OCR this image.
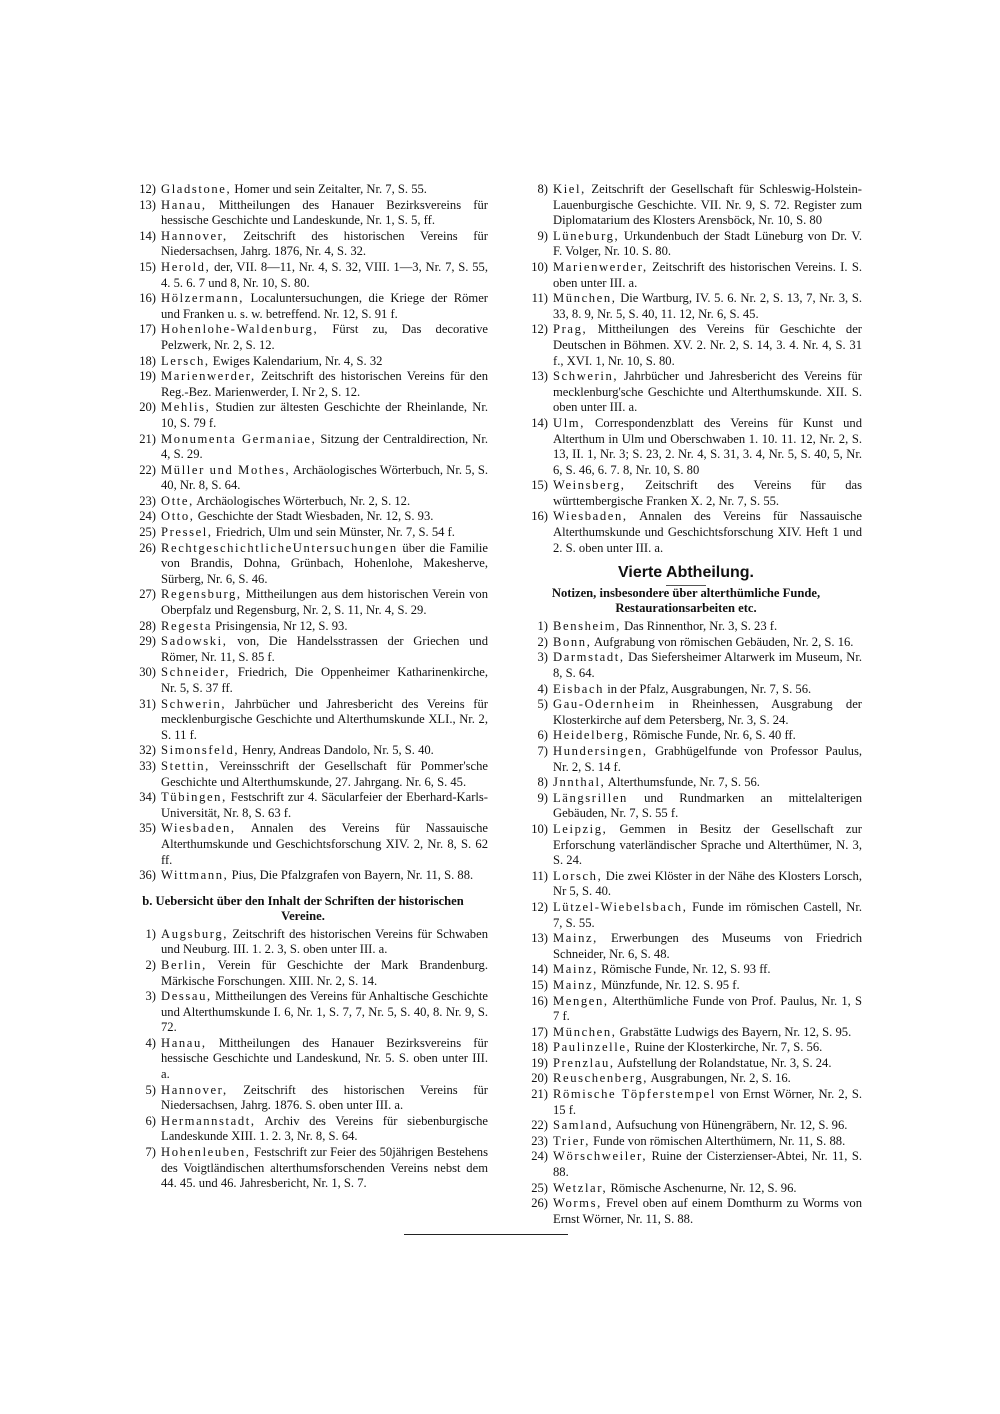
12) Gladstone, Homer und sein Zeitalter, Nr. 7, S. 55.
13) Hanau, Mittheilungen des Hanauer Bezirksvereins für hessische Geschichte und Landeskunde, Nr. 1, S. 5, ff.
14) Hannover, Zeitschrift des historischen Vereins für Niedersachsen, Jahrg. 1876, Nr. 4, S. 32.
15) Herold, der, VII. 8—11, Nr. 4, S. 32, VIII. 1—3, Nr. 7, S. 55, 4. 5. 6. 7 und 8, Nr. 10, S. 80.
16) Hölzermann, Localuntersuchungen, die Kriege der Römer und Franken u. s. w. betreffend. Nr. 12, S. 91 f.
17) Hohenlohe-Waldenburg, Fürst zu, Das decorative Pelzwerk, Nr. 2, S. 12.
18) Lersch, Ewiges Kalendarium, Nr. 4, S. 32
19) Marienwerder, Zeitschrift des historischen Vereins für den Reg.-Bez. Marienwerder, I. Nr 2, S. 12.
20) Mehlis, Studien zur ältesten Geschichte der Rheinlande, Nr. 10, S. 79 f.
21) Monumenta Germaniae, Sitzung der Centraldirection, Nr. 4, S. 29.
22) Müller und Mothes, Archäologisches Wörterbuch, Nr. 5, S. 40, Nr. 8, S. 64.
23) Otte, Archäologisches Wörterbuch, Nr. 2, S. 12.
24) Otto, Geschichte der Stadt Wiesbaden, Nr. 12, S. 93.
25) Pressel, Friedrich, Ulm und sein Münster, Nr. 7, S. 54 f.
26) RechtgeschichtlicheUntersuchungen über die Familie von Brandis, Dohna, Grünbach, Hohenlohe, Makesherve, Sürberg, Nr. 6, S. 46.
27) Regensburg, Mittheilungen aus dem historischen Verein von Oberpfalz und Regensburg, Nr. 2, S. 11, Nr. 4, S. 29.
28) Regesta Prisingensia, Nr 12, S. 93.
29) Sadowski, von, Die Handelsstrassen der Griechen und Römer, Nr. 11, S. 85 f.
30) Schneider, Friedrich, Die Oppenheimer Katharinenkirche, Nr. 5, S. 37 ff.
31) Schwerin, Jahrbücher und Jahresbericht des Vereins für mecklenburgische Geschichte und Alterthumskunde XLI., Nr. 2, S. 11 f.
32) Simonsfeld, Henry, Andreas Dandolo, Nr. 5, S. 40.
33) Stettin, Vereinsschrift der Gesellschaft für Pommer'sche Geschichte und Alterthumskunde, 27. Jahrgang. Nr. 6, S. 45.
34) Tübingen, Festschrift zur 4. Säcularfeier der Eberhard-Karls-Universität, Nr. 8, S. 63 f.
35) Wiesbaden, Annalen des Vereins für Nassauische Alterthumskunde und Geschichtsforschung XIV. 2, Nr. 8, S. 62 ff.
36) Wittmann, Pius, Die Pfalzgrafen von Bayern, Nr. 11, S. 88.
b. Uebersicht über den Inhalt der Schriften der historischen Vereine.
1) Augsburg, Zeitschrift des historischen Vereins für Schwaben und Neuburg. III. 1. 2. 3, S. oben unter III. a.
2) Berlin, Verein für Geschichte der Mark Brandenburg. Märkische Forschungen. XIII. Nr. 2, S. 14.
3) Dessau, Mittheilungen des Vereins für Anhaltische Geschichte und Alterthumskunde I. 6, Nr. 1, S. 7, 7, Nr. 5, S. 40, 8. Nr. 9, S. 72.
4) Hanau, Mittheilungen des Hanauer Bezirksvereins für hessische Geschichte und Landeskund, Nr. 5. S. oben unter III. a.
5) Hannover, Zeitschrift des historischen Vereins für Niedersachsen, Jahrg. 1876. S. oben unter III. a.
6) Hermannstadt, Archiv des Vereins für siebenburgische Landeskunde XIII. 1. 2. 3, Nr. 8, S. 64.
7) Hohenleuben, Festschrift zur Feier des 50jährigen Bestehens des Voigtländischen alterthumsforschenden Vereins nebst dem 44. 45. und 46. Jahresbericht, Nr. 1, S. 7.
8) Kiel, Zeitschrift der Gesellschaft für Schleswig-Holstein-Lauenburgische Geschichte. VII. Nr. 9, S. 72. Register zum Diplomatarium des Klosters Arensböck, Nr. 10, S. 80
9) Lüneburg, Urkundenbuch der Stadt Lüneburg von Dr. V. F. Volger, Nr. 10. S. 80.
10) Marienwerder, Zeitschrift des historischen Vereins. I. S. oben unter III. a.
11) München, Die Wartburg, IV. 5. 6. Nr. 2, S. 13, 7, Nr. 3, S. 33, 8. 9, Nr. 5, S. 40, 11. 12, Nr. 6, S. 45.
12) Prag, Mittheilungen des Vereins für Geschichte der Deutschen in Böhmen. XV. 2. Nr. 2, S. 14, 3. 4. Nr. 4, S. 31 f., XVI. 1, Nr. 10, S. 80.
13) Schwerin, Jahrbücher und Jahresbericht des Vereins für mecklenburg'sche Geschichte und Alterthumskunde. XII. S. oben unter III. a.
14) Ulm, Correspondenzblatt des Vereins für Kunst und Alterthum in Ulm und Oberschwaben 1. 10. 11. 12, Nr. 2, S. 13, II. 1, Nr. 3; S. 23, 2. Nr. 4, S. 31, 3. 4, Nr. 5, S. 40, 5, Nr. 6, S. 46, 6. 7. 8, Nr. 10, S. 80
15) Weinsberg, Zeitschrift des Vereins für das württembergische Franken X. 2, Nr. 7, S. 55.
16) Wiesbaden, Annalen des Vereins für Nassauische Alterthumskunde und Geschichtsforschung XIV. Heft 1 und 2. S. oben unter III. a.
Vierte Abtheilung.
Notizen, insbesondere über alterthümliche Funde, Restaurationsarbeiten etc.
1) Bensheim, Das Rinnenthor, Nr. 3, S. 23 f.
2) Bonn, Aufgrabung von römischen Gebäuden, Nr. 2, S. 16.
3) Darmstadt, Das Siefersheimer Altarwerk im Museum, Nr. 8, S. 64.
4) Eisbach in der Pfalz, Ausgrabungen, Nr. 7, S. 56.
5) Gau-Odernheim in Rheinhessen, Ausgrabung der Klosterkirche auf dem Petersberg, Nr. 3, S. 24.
6) Heidelberg, Römische Funde, Nr. 6, S. 40 ff.
7) Hundersingen, Grabhügelfunde von Professor Paulus, Nr. 2, S. 14 f.
8) Jnnthal, Alterthumsfunde, Nr. 7, S. 56.
9) Längsrillen und Rundmarken an mittelalterigen Gebäuden, Nr. 7, S. 55 f.
10) Leipzig, Gemmen in Besitz der Gesellschaft zur Erforschung vaterländischer Sprache und Alterthümer, N. 3, S. 24.
11) Lorsch, Die zwei Klöster in der Nähe des Klosters Lorsch, Nr 5, S. 40.
12) Lützel-Wiebelsbach, Funde im römischen Castell, Nr. 7, S. 55.
13) Mainz, Erwerbungen des Museums von Friedrich Schneider, Nr. 6, S. 48.
14) Mainz, Römische Funde, Nr. 12, S. 93 ff.
15) Mainz, Münzfunde, Nr. 12. S. 95 f.
16) Mengen, Alterthümliche Funde von Prof. Paulus, Nr. 1, S 7 f.
17) München, Grabstätte Ludwigs des Bayern, Nr. 12, S. 95.
18) Paulinzelle, Ruine der Klosterkirche, Nr. 7, S. 56.
19) Prenzlau, Aufstellung der Rolandstatue, Nr. 3, S. 24.
20) Reuschenberg, Ausgrabungen, Nr. 2, S. 16.
21) Römische Töpferstempel von Ernst Wörner, Nr. 2, S. 15 f.
22) Samland, Aufsuchung von Hünengräbern, Nr. 12, S. 96.
23) Trier, Funde von römischen Alterthümern, Nr. 11, S. 88.
24) Wörschweiler, Ruine der Cisterzienser-Abtei, Nr. 11, S. 88.
25) Wetzlar, Römische Aschenurne, Nr. 12, S. 96.
26) Worms, Frevel oben auf einem Domthurm zu Worms von Ernst Wörner, Nr. 11, S. 88.
